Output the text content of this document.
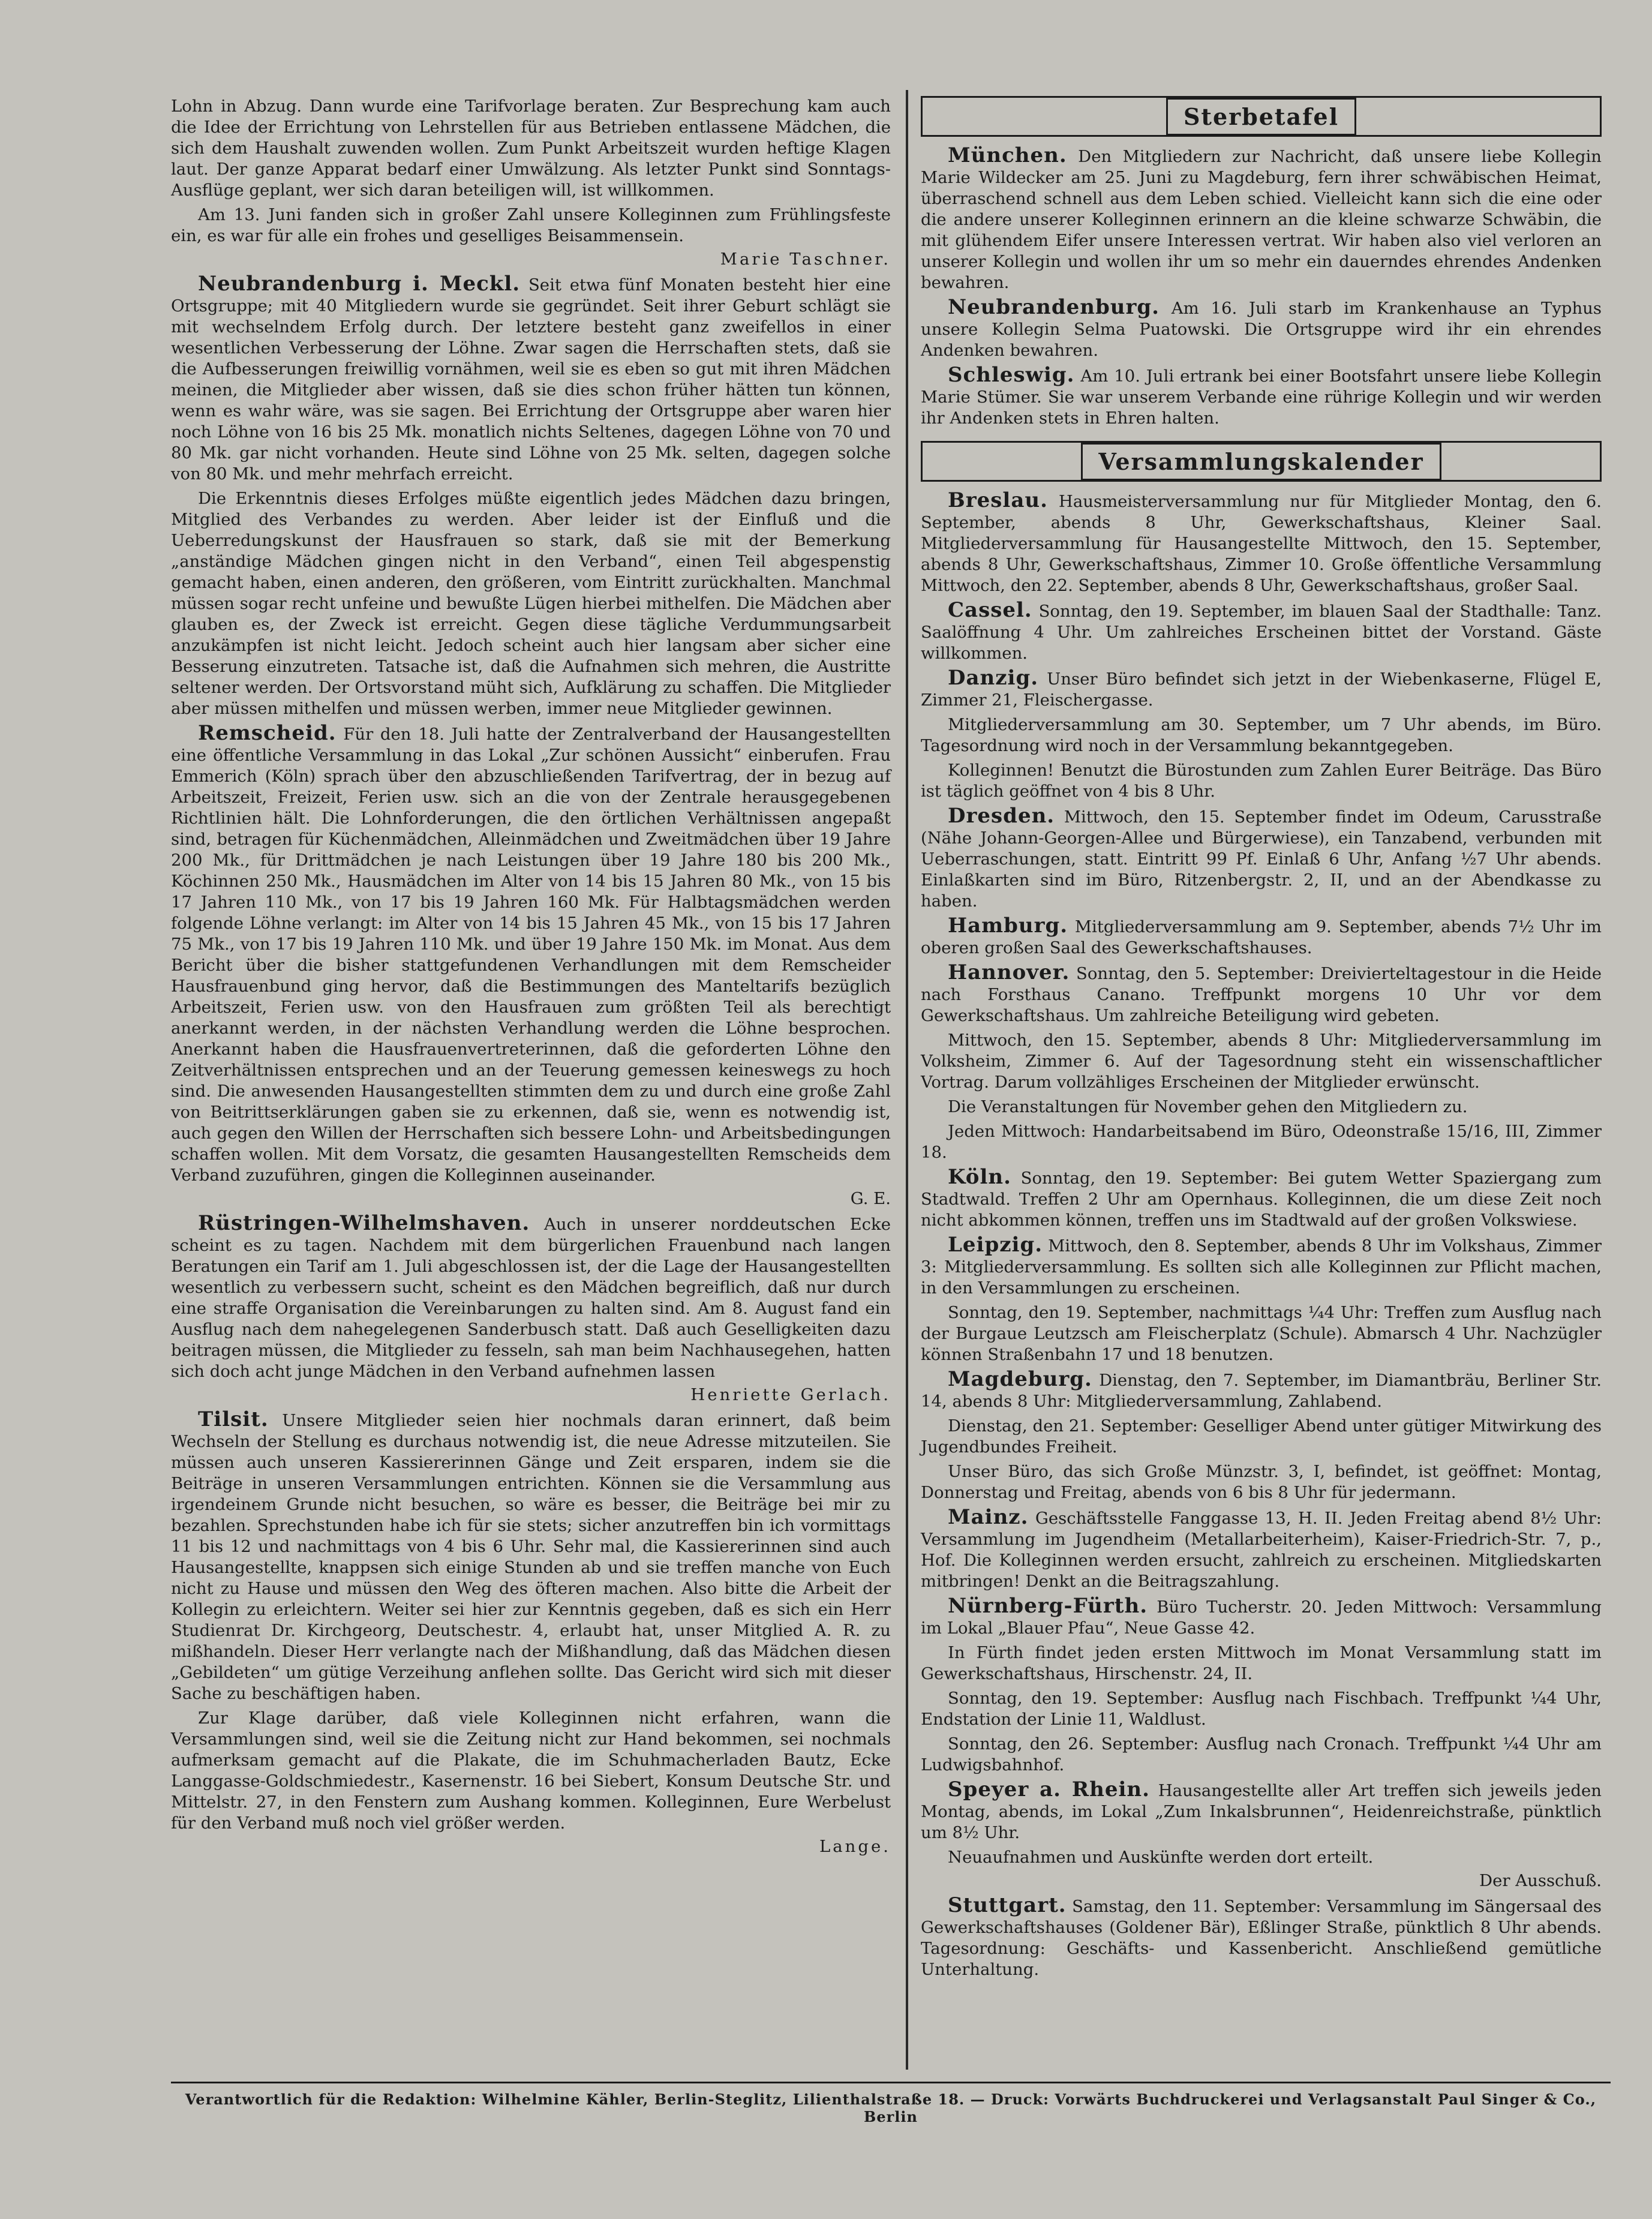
Lohn in Abzug. Dann wurde eine Tarifvorlage beraten. Zur Besprechung kam auch die Idee der Errichtung von Lehrstellen für aus Betrieben entlassene Mädchen, die sich dem Haushalt zuwenden wollen. Zum Punkt Arbeitszeit wurden heftige Klagen laut. Der ganze Apparat bedarf einer Umwälzung. Als letzter Punkt sind Sonntags-Ausflüge geplant, wer sich daran beteiligen will, ist willkommen.

Am 13. Juni fanden sich in großer Zahl unsere Kolleginnen zum Frühlingsfeste ein, es war für alle ein frohes und geselliges Beisammensein.

Marie Taschner.

Neubrandenburg i. Meckl. Seit etwa fünf Monaten besteht hier eine Ortsgruppe; mit 40 Mitgliedern wurde sie gegründet. Seit ihrer Geburt schlägt sie mit wechselndem Erfolg durch. Der letztere besteht ganz zweifellos in einer wesentlichen Verbesserung der Löhne. Zwar sagen die Herrschaften stets, daß sie die Aufbesserungen freiwillig vornähmen, weil sie es eben so gut mit ihren Mädchen meinen, die Mitglieder aber wissen, daß sie dies schon früher hätten tun können, wenn es wahr wäre, was sie sagen. Bei Errichtung der Ortsgruppe aber waren hier noch Löhne von 16 bis 25 Mk. monatlich nichts Seltenes, dagegen Löhne von 70 und 80 Mk. gar nicht vorhanden. Heute sind Löhne von 25 Mk. selten, dagegen solche von 80 Mk. und mehr mehrfach erreicht.

Die Erkenntnis dieses Erfolges müßte eigentlich jedes Mädchen dazu bringen, Mitglied des Verbandes zu werden. Aber leider ist der Einfluß und die Ueberredungskunst der Hausfrauen so stark, daß sie mit der Bemerkung „anständige Mädchen gingen nicht in den Verband“, einen Teil abgespenstig gemacht haben, einen anderen, den größeren, vom Eintritt zurückhalten. Manchmal müssen sogar recht unfeine und bewußte Lügen hierbei mithelfen. Die Mädchen aber glauben es, der Zweck ist erreicht. Gegen diese tägliche Verdummungsarbeit anzukämpfen ist nicht leicht. Jedoch scheint auch hier langsam aber sicher eine Besserung einzutreten. Tatsache ist, daß die Aufnahmen sich mehren, die Austritte seltener werden. Der Ortsvorstand müht sich, Aufklärung zu schaffen. Die Mitglieder aber müssen mithelfen und müssen werben, immer neue Mitglieder gewinnen.

Remscheid. Für den 18. Juli hatte der Zentralverband der Hausangestellten eine öffentliche Versammlung in das Lokal „Zur schönen Aussicht“ einberufen. Frau Emmerich (Köln) sprach über den abzuschließenden Tarifvertrag, der in bezug auf Arbeitszeit, Freizeit, Ferien usw. sich an die von der Zentrale herausgegebenen Richtlinien hält. Die Lohnforderungen, die den örtlichen Verhältnissen angepaßt sind, betragen für Küchenmädchen, Alleinmädchen und Zweitmädchen über 19 Jahre 200 Mk., für Drittmädchen je nach Leistungen über 19 Jahre 180 bis 200 Mk., Köchinnen 250 Mk., Hausmädchen im Alter von 14 bis 15 Jahren 80 Mk., von 15 bis 17 Jahren 110 Mk., von 17 bis 19 Jahren 160 Mk. Für Halbtagsmädchen werden folgende Löhne verlangt: im Alter von 14 bis 15 Jahren 45 Mk., von 15 bis 17 Jahren 75 Mk., von 17 bis 19 Jahren 110 Mk. und über 19 Jahre 150 Mk. im Monat. Aus dem Bericht über die bisher stattgefundenen Verhandlungen mit dem Remscheider Hausfrauenbund ging hervor, daß die Bestimmungen des Manteltarifs bezüglich Arbeitszeit, Ferien usw. von den Hausfrauen zum größten Teil als berechtigt anerkannt werden, in der nächsten Verhandlung werden die Löhne besprochen. Anerkannt haben die Hausfrauenvertreterinnen, daß die geforderten Löhne den Zeitverhältnissen entsprechen und an der Teuerung gemessen keineswegs zu hoch sind. Die anwesenden Hausangestellten stimmten dem zu und durch eine große Zahl von Beitrittserklärungen gaben sie zu erkennen, daß sie, wenn es notwendig ist, auch gegen den Willen der Herrschaften sich bessere Lohn- und Arbeitsbedingungen schaffen wollen. Mit dem Vorsatz, die gesamten Hausangestellten Remscheids dem Verband zuzuführen, gingen die Kolleginnen auseinander.

G. E.

Rüstringen-Wilhelmshaven. Auch in unserer norddeutschen Ecke scheint es zu tagen. Nachdem mit dem bürgerlichen Frauenbund nach langen Beratungen ein Tarif am 1. Juli abgeschlossen ist, der die Lage der Hausangestellten wesentlich zu verbessern sucht, scheint es den Mädchen begreiflich, daß nur durch eine straffe Organisation die Vereinbarungen zu halten sind. Am 8. August fand ein Ausflug nach dem nahegelegenen Sanderbusch statt. Daß auch Geselligkeiten dazu beitragen müssen, die Mitglieder zu fesseln, sah man beim Nachhausegehen, hatten sich doch acht junge Mädchen in den Verband aufnehmen lassen

Henriette Gerlach.

Tilsit. Unsere Mitglieder seien hier nochmals daran erinnert, daß beim Wechseln der Stellung es durchaus notwendig ist, die neue Adresse mitzuteilen. Sie müssen auch unseren Kassiererinnen Gänge und Zeit ersparen, indem sie die Beiträge in unseren Versammlungen entrichten. Können sie die Versammlung aus irgendeinem Grunde nicht besuchen, so wäre es besser, die Beiträge bei mir zu bezahlen. Sprechstunden habe ich für sie stets; sicher anzutreffen bin ich vormittags 11 bis 12 und nachmittags von 4 bis 6 Uhr. Sehr mal, die Kassiererinnen sind auch Hausangestellte, knappsen sich einige Stunden ab und sie treffen manche von Euch nicht zu Hause und müssen den Weg des öfteren machen. Also bitte die Arbeit der Kollegin zu erleichtern. Weiter sei hier zur Kenntnis gegeben, daß es sich ein Herr Studienrat Dr. Kirchgeorg, Deutschestr. 4, erlaubt hat, unser Mitglied A. R. zu mißhandeln. Dieser Herr verlangte nach der Mißhandlung, daß das Mädchen diesen „Gebildeten“ um gütige Verzeihung anflehen sollte. Das Gericht wird sich mit dieser Sache zu beschäftigen haben.

Zur Klage darüber, daß viele Kolleginnen nicht erfahren, wann die Versammlungen sind, weil sie die Zeitung nicht zur Hand bekommen, sei nochmals aufmerksam gemacht auf die Plakate, die im Schuhmacherladen Bautz, Ecke Langgasse-Goldschmiedestr., Kasernenstr. 16 bei Siebert, Konsum Deutsche Str. und Mittelstr. 27, in den Fenstern zum Aushang kommen. Kolleginnen, Eure Werbelust für den Verband muß noch viel größer werden.

Lange.

Sterbetafel

München. Den Mitgliedern zur Nachricht, daß unsere liebe Kollegin Marie Wildecker am 25. Juni zu Magdeburg, fern ihrer schwäbischen Heimat, überraschend schnell aus dem Leben schied. Vielleicht kann sich die eine oder die andere unserer Kolleginnen erinnern an die kleine schwarze Schwäbin, die mit glühendem Eifer unsere Interessen vertrat. Wir haben also viel verloren an unserer Kollegin und wollen ihr um so mehr ein dauerndes ehrendes Andenken bewahren.

Neubrandenburg. Am 16. Juli starb im Krankenhause an Typhus unsere Kollegin Selma Puatowski. Die Ortsgruppe wird ihr ein ehrendes Andenken bewahren.

Schleswig. Am 10. Juli ertrank bei einer Bootsfahrt unsere liebe Kollegin Marie Stümer. Sie war unserem Verbande eine rührige Kollegin und wir werden ihr Andenken stets in Ehren halten.

Versammlungskalender

Breslau. Hausmeisterversammlung nur für Mitglieder Montag, den 6. September, abends 8 Uhr, Gewerkschaftshaus, Kleiner Saal. Mitgliederversammlung für Hausangestellte Mittwoch, den 15. September, abends 8 Uhr, Gewerkschaftshaus, Zimmer 10. Große öffentliche Versammlung Mittwoch, den 22. September, abends 8 Uhr, Gewerkschaftshaus, großer Saal.

Cassel. Sonntag, den 19. September, im blauen Saal der Stadthalle: Tanz. Saalöffnung 4 Uhr. Um zahlreiches Erscheinen bittet der Vorstand. Gäste willkommen.

Danzig. Unser Büro befindet sich jetzt in der Wiebenkaserne, Flügel E, Zimmer 21, Fleischergasse.

Mitgliederversammlung am 30. September, um 7 Uhr abends, im Büro. Tagesordnung wird noch in der Versammlung bekanntgegeben.

Kolleginnen! Benutzt die Bürostunden zum Zahlen Eurer Beiträge. Das Büro ist täglich geöffnet von 4 bis 8 Uhr.

Dresden. Mittwoch, den 15. September findet im Odeum, Carusstraße (Nähe Johann-Georgen-Allee und Bürgerwiese), ein Tanzabend, verbunden mit Ueberraschungen, statt. Eintritt 99 Pf. Einlaß 6 Uhr, Anfang ½7 Uhr abends. Einlaßkarten sind im Büro, Ritzenbergstr. 2, II, und an der Abendkasse zu haben.

Hamburg. Mitgliederversammlung am 9. September, abends 7½ Uhr im oberen großen Saal des Gewerkschaftshauses.

Hannover. Sonntag, den 5. September: Dreivierteltagestour in die Heide nach Forsthaus Canano. Treffpunkt morgens 10 Uhr vor dem Gewerkschaftshaus. Um zahlreiche Beteiligung wird gebeten.

Mittwoch, den 15. September, abends 8 Uhr: Mitgliederversammlung im Volksheim, Zimmer 6. Auf der Tagesordnung steht ein wissenschaftlicher Vortrag. Darum vollzähliges Erscheinen der Mitglieder erwünscht.

Die Veranstaltungen für November gehen den Mitgliedern zu.

Jeden Mittwoch: Handarbeitsabend im Büro, Odeonstraße 15/16, III, Zimmer 18.

Köln. Sonntag, den 19. September: Bei gutem Wetter Spaziergang zum Stadtwald. Treffen 2 Uhr am Opernhaus. Kolleginnen, die um diese Zeit noch nicht abkommen können, treffen uns im Stadtwald auf der großen Volkswiese.

Leipzig. Mittwoch, den 8. September, abends 8 Uhr im Volkshaus, Zimmer 3: Mitgliederversammlung. Es sollten sich alle Kolleginnen zur Pflicht machen, in den Versammlungen zu erscheinen.

Sonntag, den 19. September, nachmittags ¼4 Uhr: Treffen zum Ausflug nach der Burgaue Leutzsch am Fleischerplatz (Schule). Abmarsch 4 Uhr. Nachzügler können Straßenbahn 17 und 18 benutzen.

Magdeburg. Dienstag, den 7. September, im Diamantbräu, Berliner Str. 14, abends 8 Uhr: Mitgliederversammlung, Zahlabend.

Dienstag, den 21. September: Geselliger Abend unter gütiger Mitwirkung des Jugendbundes Freiheit.

Unser Büro, das sich Große Münzstr. 3, I, befindet, ist geöffnet: Montag, Donnerstag und Freitag, abends von 6 bis 8 Uhr für jedermann.

Mainz. Geschäftsstelle Fanggasse 13, H. II. Jeden Freitag abend 8½ Uhr: Versammlung im Jugendheim (Metallarbeiterheim), Kaiser-Friedrich-Str. 7, p., Hof. Die Kolleginnen werden ersucht, zahlreich zu erscheinen. Mitgliedskarten mitbringen! Denkt an die Beitragszahlung.

Nürnberg-Fürth. Büro Tucherstr. 20. Jeden Mittwoch: Versammlung im Lokal „Blauer Pfau“, Neue Gasse 42.

In Fürth findet jeden ersten Mittwoch im Monat Versammlung statt im Gewerkschaftshaus, Hirschenstr. 24, II.

Sonntag, den 19. September: Ausflug nach Fischbach. Treffpunkt ¼4 Uhr, Endstation der Linie 11, Waldlust.

Sonntag, den 26. September: Ausflug nach Cronach. Treffpunkt ¼4 Uhr am Ludwigsbahnhof.

Speyer a. Rhein. Hausangestellte aller Art treffen sich jeweils jeden Montag, abends, im Lokal „Zum Inkalsbrunnen“, Heidenreichstraße, pünktlich um 8½ Uhr.

Neuaufnahmen und Auskünfte werden dort erteilt.

Der Ausschuß.

Stuttgart. Samstag, den 11. September: Versammlung im Sängersaal des Gewerkschaftshauses (Goldener Bär), Eßlinger Straße, pünktlich 8 Uhr abends. Tagesordnung: Geschäfts- und Kassenbericht. Anschließend gemütliche Unterhaltung.

Verantwortlich für die Redaktion: Wilhelmine Kähler, Berlin-Steglitz, Lilienthalstraße 18. — Druck: Vorwärts Buchdruckerei und Verlagsanstalt Paul Singer & Co., Berlin
